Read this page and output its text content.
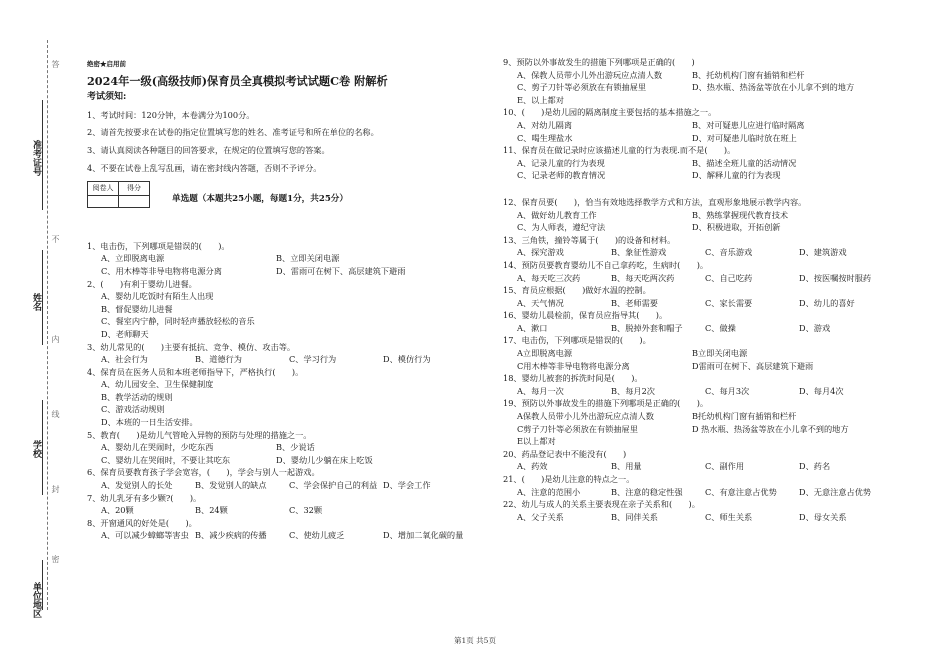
准考证号
姓名
学校
单位
地区
答
不
内
线
封
密
绝密★启用前
2024年一级(高级技师)保育员全真模拟考试试题C卷 附解析
考试须知:
1、考试时间：120分钟，本卷满分为100分。
2、请首先按要求在试卷的指定位置填写您的姓名、准考证号和所在单位的名称。
3、请认真阅读各种题目的回答要求，在规定的位置填写您的答案。
4、不要在试卷上乱写乱画，请在密封线内答题，否则不予评分。
阅卷人	得分

单选题（本题共25小题，每题1分，共25分）
1、电击伤，下列哪项是错误的(　　)。
A、立即脱离电源	B、立即关闭电源
C、用木棒等非导电物将电源分离	D、雷雨可在树下、高层建筑下避雨
2、(　　)有利于婴幼儿进餐。
A、婴幼儿吃饭时有陌生人出现
B、督促婴幼儿进餐
C、餐室内宁静，同时轻声播放轻松的音乐
D、老师聊天
3、幼儿常见的(　　)主要有抵抗、竞争、模仿、攻击等。
A、社会行为	B、道德行为	C、学习行为	D、模仿行为
4、保育员在医务人员和本班老师指导下，严格执行(　　)。
A、幼儿园安全、卫生保健制度
B、教学活动的规则
C、游戏活动规则
D、本班的一日生活安排。
5、教育(　　)是幼儿气管呛入异物的预防与处理的措施之一。
A、婴幼儿在哭闹时，少吃东西	B、少说话
C、婴幼儿在哭闹时，不要让其吃东	D、婴幼儿少躺在床上吃饭
6、保育员要教育孩子学会宽容，(　　)，学会与别人一起游戏。
A、发觉别人的长处	B、发觉别人的缺点	C、学会保护自己的利益 D、学会工作
7、幼儿乳牙有多少颗?(　　)。
A、20颗	B、24颗	C、32颗
8、开窗通风的好处是(　　)。
A、可以减少蟑螂等害虫 B、减少疾病的传播	C、使幼儿疲乏	D、增加二氧化碳的量
9、预防以外事故发生的措施下列哪项是正确的(　　)
A、保教人员带小儿外出游玩应点清人数	B、托幼机构门窗有插销和栏杆
C、剪子刀针等必须放在有锁抽屉里	D、热水瓶、热汤盆等放在小儿拿不到的地方
E、以上都对
10、(　　)是幼儿园的隔离制度主要包括的基本措施之一。
A、对幼儿隔离	B、对可疑患儿应进行临时隔离
C、喝生理盐水	D、对可疑患儿临时放在班上
11、保育员在做记录时应该描述儿童的行为表现.而不是(　　)。
A、记录儿童的行为表现	B、描述全班儿童的活动情况
C、记录老师的教育情况	D、解释儿童的行为表现
12、保育员要(　　)，恰当有效地选择教学方式和方法，直观形象地展示教学内容。
A、做好幼儿教育工作	B、熟练掌握现代教育技术
C、为人师表，遵纪守法	D、积极进取，开拓创新
13、三角铁，撞铃等属于(　　)的设备和材料。
A、探究游戏	B、象征性游戏	C、音乐游戏	D、建筑游戏
14、预防员要教育婴幼儿不自己拿药吃，生病时(　　)。
A、每天吃三次药	B、每天吃两次药	C、自己吃药	D、按医嘱按时服药
15、育员应根据(　　)做好水温的控制。
A、天气情况	B、老师需要	C、家长需要	D、幼儿的喜好
16、婴幼儿晨检前，保育员应指导其(　　)。
A、漱口	B、脱掉外套和帽子	C、做操	D、游戏
17、电击伤，下列哪项是错误的(　　)。
A立即脱离电源	B立即关闭电源
C用木棒等非导电物将电源分离	D雷雨可在树下、高层建筑下避雨
18、婴幼儿被套的拆洗时间是(　　)。
A、每月一次	B、每月2次	C、每月3次	D、每月4次
19、预防以外事故发生的措施下列哪项是正确的(　　)。
A保教人员带小儿外出游玩应点清人数	B托幼机构门窗有插销和栏杆
C剪子刀针等必须放在有锁抽屉里	D 热水瓶、热汤盆等放在小儿拿不到的地方
E以上都对
20、药品登记表中不能没有(　　)
A、药效	B、用量	C、副作用	D、药名
21、(　　)是幼儿注意的特点之一。
A、注意的范围小	B、注意的稳定性强	C、有意注意占优势	D、无意注意占优势
22、幼儿与成人的关系主要表现在亲子关系和(　　)。
A、父子关系	B、同伴关系	C、师生关系	D、母女关系
第1页 共5页
